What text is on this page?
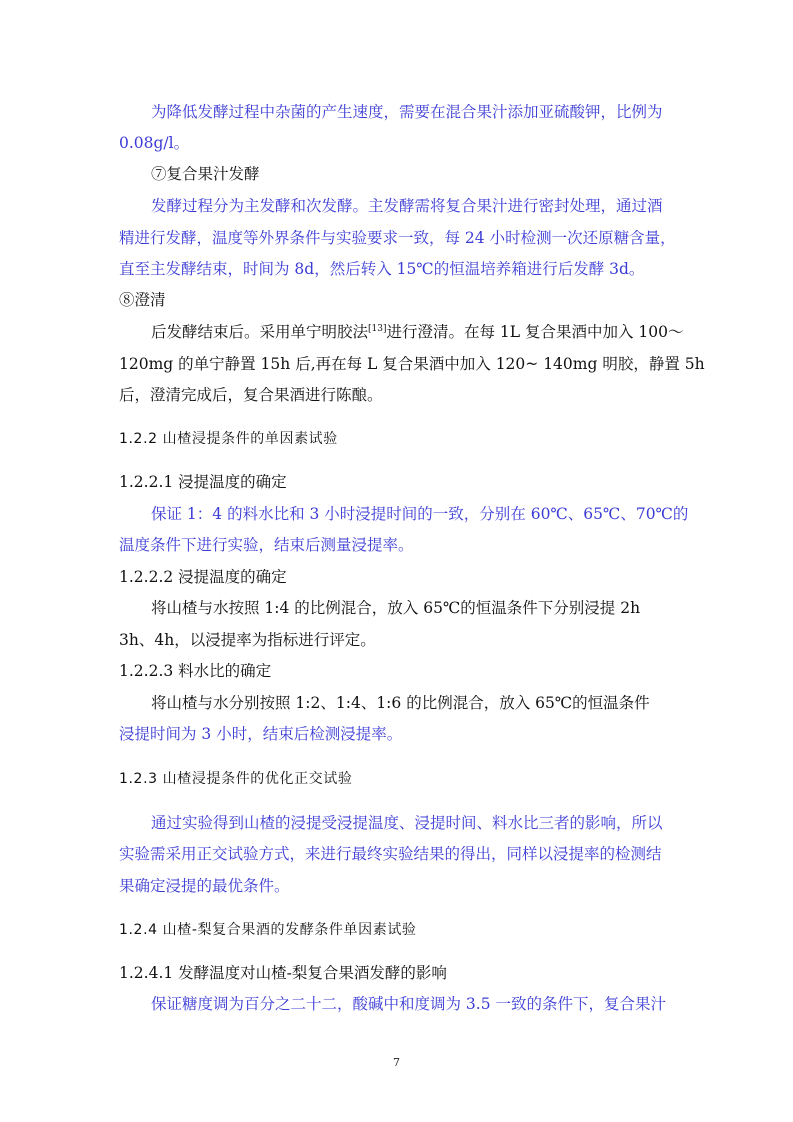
为降低发酵过程中杂菌的产生速度，需要在混合果汁添加亚硫酸钾，比例为
0.08g/l。
⑦复合果汁发酵
发酵过程分为主发酵和次发酵。主发酵需将复合果汁进行密封处理，通过酒
精进行发酵，温度等外界条件与实验要求一致，每 24 小时检测一次还原糖含量，
直至主发酵结束，时间为 8d，然后转入 15℃的恒温培养箱进行后发酵 3d。
⑧澄清
后发酵结束后。采用单宁明胶法[13]进行澄清。在每 1L 复合果酒中加入 100～
120mg 的单宁静置 15h 后,再在每 L 复合果酒中加入 120~ 140mg 明胶，静置 5h
后，澄清完成后，复合果酒进行陈酿。
1.2.2 山楂浸提条件的单因素试验
1.2.2.1 浸提温度的确定
保证 1：4 的料水比和 3 小时浸提时间的一致，分别在 60℃、65℃、70℃的
温度条件下进行实验，结束后测量浸提率。
1.2.2.2 浸提温度的确定
将山楂与水按照 1:4 的比例混合，放入 65℃的恒温条件下分别浸提 2h
3h、4h，以浸提率为指标进行评定。
1.2.2.3 料水比的确定
将山楂与水分别按照 1:2、1:4、1:6 的比例混合，放入 65℃的恒温条件
浸提时间为 3 小时，结束后检测浸提率。
1.2.3 山楂浸提条件的优化正交试验
通过实验得到山楂的浸提受浸提温度、浸提时间、料水比三者的影响，所以
实验需采用正交试验方式，来进行最终实验结果的得出，同样以浸提率的检测结
果确定浸提的最优条件。
1.2.4 山楂-梨复合果酒的发酵条件单因素试验
1.2.4.1 发酵温度对山楂-梨复合果酒发酵的影响
保证糖度调为百分之二十二，酸碱中和度调为 3.5 一致的条件下，复合果汁
7
